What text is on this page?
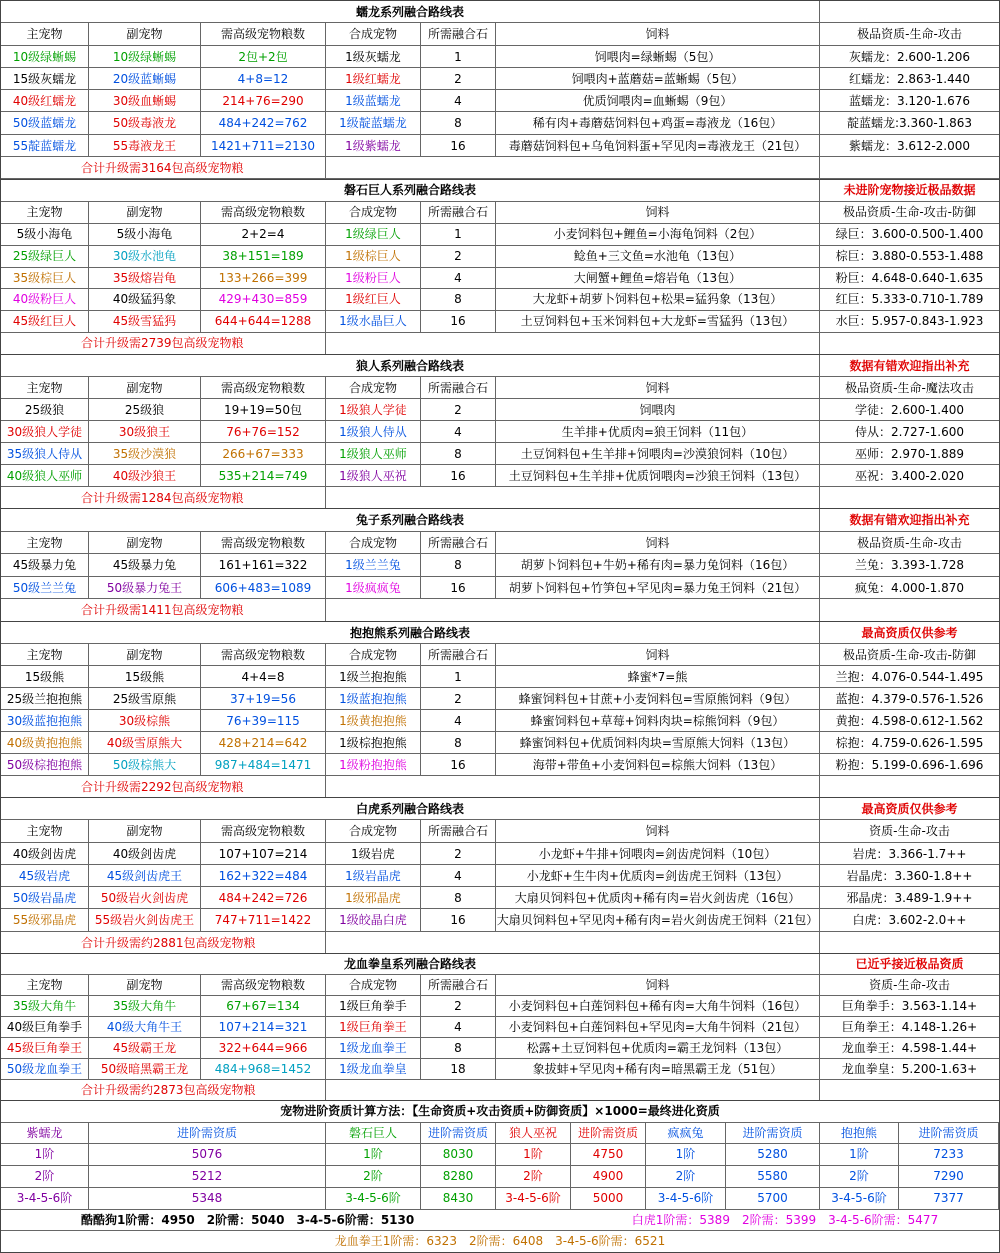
蠕龙系列融合路线表
主宠物	副宠物	需高级宠物粮数	合成宠物	所需融合石	饲料	极品资质-生命-攻击
10级绿蜥蜴	10级绿蜥蜴	2包+2包	1级灰蠕龙	1	饲喂肉=绿蜥蜴（5包）	灰蠕龙：2.600-1.206
15级灰蠕龙	20级蓝蜥蜴	4+8=12	1级红蠕龙	2	饲喂肉+蓝蘑菇=蓝蜥蜴（5包）	红蠕龙：2.863-1.440
40级红蠕龙	30级血蜥蜴	214+76=290	1级蓝蠕龙	4	优质饲喂肉=血蜥蜴（9包）	蓝蠕龙：3.120-1.676
50级蓝蠕龙	50级毒液龙	484+242=762	1级靛蓝蠕龙	8	稀有肉+毒蘑菇饲料包+鸡蛋=毒液龙（16包）	靛蓝蠕龙:3.360-1.863
55靛蓝蠕龙	55毒液龙王	1421+711=2130	1级紫蠕龙	16	毒蘑菇饲料包+乌龟饲料蛋+罕见肉=毒液龙王（21包）	紫蠕龙：3.612-2.000
合计升级需3164包高级宠物粮
磐石巨人系列融合路线表	未进阶宠物接近极品数据
主宠物	副宠物	需高级宠物粮数	合成宠物	所需融合石	饲料	极品资质-生命-攻击-防御
5级小海龟	5级小海龟	2+2=4	1级绿巨人	1	小麦饲料包+鲤鱼=小海龟饲料（2包）	绿巨：3.600-0.500-1.400
25级绿巨人	30级水池龟	38+151=189	1级棕巨人	2	鲶鱼+三文鱼=水池龟（13包）	棕巨：3.880-0.553-1.488
35级棕巨人	35级熔岩龟	133+266=399	1级粉巨人	4	大闸蟹+鲤鱼=熔岩龟（13包）	粉巨：4.648-0.640-1.635
40级粉巨人	40级猛犸象	429+430=859	1级红巨人	8	大龙虾+胡萝卜饲料包+松果=猛犸象（13包）	红巨：5.333-0.710-1.789
45级红巨人	45级雪猛犸	644+644=1288	1级水晶巨人	16	土豆饲料包+玉米饲料包+大龙虾=雪猛犸（13包）	水巨：5.957-0.843-1.923
合计升级需2739包高级宠物粮
狼人系列融合路线表	数据有错欢迎指出补充
主宠物	副宠物	需高级宠物粮数	合成宠物	所需融合石	饲料	极品资质-生命-魔法攻击
25级狼	25级狼	19+19=50包	1级狼人学徒	2	饲喂肉	学徒：2.600-1.400
30级狼人学徒	30级狼王	76+76=152	1级狼人侍从	4	生羊排+优质肉=狼王饲料（11包）	侍从：2.727-1.600
35级狼人侍从	35级沙漠狼	266+67=333	1级狼人巫师	8	土豆饲料包+生羊排+饲喂肉=沙漠狼饲料（10包）	巫师：2.970-1.889
40级狼人巫师	40级沙狼王	535+214=749	1级狼人巫祝	16	土豆饲料包+生羊排+优质饲喂肉=沙狼王饲料（13包）	巫祝：3.400-2.020
合计升级需1284包高级宠物粮
兔子系列融合路线表	数据有错欢迎指出补充
主宠物	副宠物	需高级宠物粮数	合成宠物	所需融合石	饲料	极品资质-生命-攻击
45级暴力兔	45级暴力兔	161+161=322	1级兰兰兔	8	胡萝卜饲料包+牛奶+稀有肉=暴力兔饲料（16包）	兰兔：3.393-1.728
50级兰兰兔	50级暴力兔王	606+483=1089	1级疯疯兔	16	胡萝卜饲料包+竹笋包+罕见肉=暴力兔王饲料（21包）	疯兔：4.000-1.870
合计升级需1411包高级宠物粮
抱抱熊系列融合路线表	最高资质仅供参考
主宠物	副宠物	需高级宠物粮数	合成宠物	所需融合石	饲料	极品资质-生命-攻击-防御
15级熊	15级熊	4+4=8	1级兰抱抱熊	1	蜂蜜*7=熊	兰抱：4.076-0.544-1.495
25级兰抱抱熊	25级雪原熊	37+19=56	1级蓝抱抱熊	2	蜂蜜饲料包+甘蔗+小麦饲料包=雪原熊饲料（9包）	蓝抱：4.379-0.576-1.526
30级蓝抱抱熊	30级棕熊	76+39=115	1级黄抱抱熊	4	蜂蜜饲料包+草莓+饲料肉块=棕熊饲料（9包）	黄抱：4.598-0.612-1.562
40级黄抱抱熊	40级雪原熊大	428+214=642	1级棕抱抱熊	8	蜂蜜饲料包+优质饲料肉块=雪原熊大饲料（13包）	棕抱：4.759-0.626-1.595
50级棕抱抱熊	50级棕熊大	987+484=1471	1级粉抱抱熊	16	海带+带鱼+小麦饲料包=棕熊大饲料（13包）	粉抱：5.199-0.696-1.696
合计升级需2292包高级宠物粮
白虎系列融合路线表	最高资质仅供参考
主宠物	副宠物	需高级宠物粮数	合成宠物	所需融合石	饲料	资质-生命-攻击
40级剑齿虎	40级剑齿虎	107+107=214	1级岩虎	2	小龙虾+牛排+饲喂肉=剑齿虎饲料（10包）	岩虎：3.366-1.7++
45级岩虎	45级剑齿虎王	162+322=484	1级岩晶虎	4	小龙虾+生牛肉+优质肉=剑齿虎王饲料（13包）	岩晶虎：3.360-1.8++
50级岩晶虎	50级岩火剑齿虎	484+242=726	1级邪晶虎	8	大扇贝饲料包+优质肉+稀有肉=岩火剑齿虎（16包）	邪晶虎：3.489-1.9++
55级邪晶虎	55级岩火剑齿虎王	747+711=1422	1级皎晶白虎	16	大扇贝饲料包+罕见肉+稀有肉=岩火剑齿虎王饲料（21包）	白虎：3.602-2.0++
合计升级需约2881包高级宠物粮
龙血拳皇系列融合路线表	已近乎接近极品资质
主宠物	副宠物	需高级宠物粮数	合成宠物	所需融合石	饲料	资质-生命-攻击
35级大角牛	35级大角牛	67+67=134	1级巨角拳手	2	小麦饲料包+白莲饲料包+稀有肉=大角牛饲料（16包）	巨角拳手：3.563-1.14+
40级巨角拳手	40级大角牛王	107+214=321	1级巨角拳王	4	小麦饲料包+白莲饲料包+罕见肉=大角牛饲料（21包）	巨角拳王：4.148-1.26+
45级巨角拳王	45级霸王龙	322+644=966	1级龙血拳王	8	松露+土豆饲料包+优质肉=霸王龙饲料（13包）	龙血拳王：4.598-1.44+
50级龙血拳王	50级暗黑霸王龙	484+968=1452	1级龙血拳皇	18	象拔蚌+罕见肉+稀有肉=暗黑霸王龙（51包）	龙血拳皇：5.200-1.63+
合计升级需约2873包高级宠物粮
宠物进阶资质计算方法：【生命资质+攻击资质+防御资质】×1000=最终进化资质
紫蠕龙	进阶需资质	磐石巨人	进阶需资质	狼人巫祝	进阶需资质	疯疯兔	进阶需资质	抱抱熊	进阶需资质
1阶	5076	1阶	8030	1阶	4750	1阶	5280	1阶	7233
2阶	5212	2阶	8280	2阶	4900	2阶	5580	2阶	7290
3-4-5-6阶	5348	3-4-5-6阶	8430	3-4-5-6阶	5000	3-4-5-6阶	5700	3-4-5-6阶	7377
酷酷狗1阶需：4950　2阶需：5040　3-4-5-6阶需：5130	白虎1阶需：5389　2阶需：5399　3-4-5-6阶需：5477
龙血拳王1阶需：6323　2阶需：6408　3-4-5-6阶需：6521
